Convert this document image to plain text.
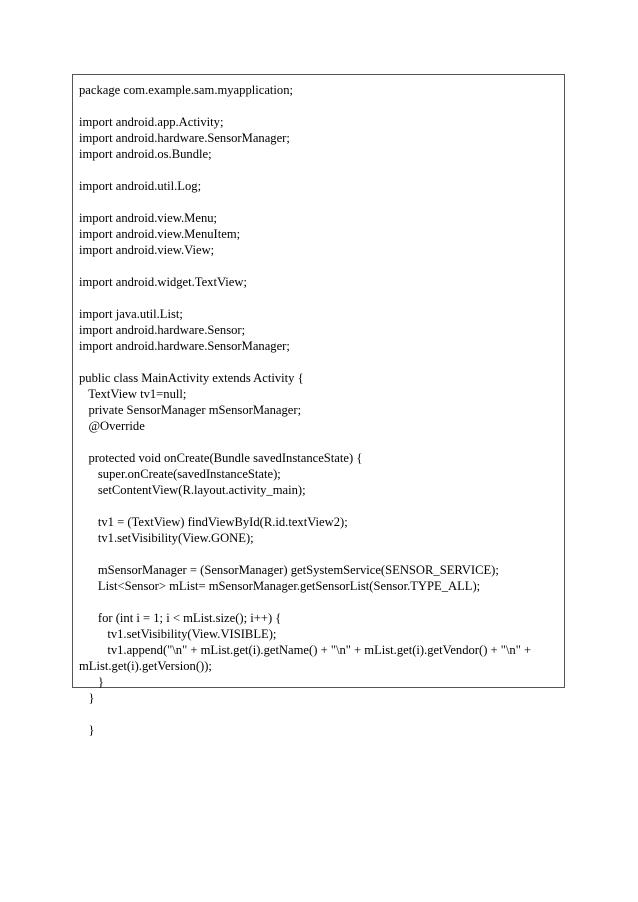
package com.example.sam.myapplication;
import android.app.Activity;
import android.hardware.SensorManager;
import android.os.Bundle;
import android.util.Log;
import android.view.Menu;
import android.view.MenuItem;
import android.view.View;
import android.widget.TextView;
import java.util.List;
import android.hardware.Sensor;
import android.hardware.SensorManager;
public class MainActivity extends Activity {
TextView tv1=null;
private SensorManager mSensorManager;
@Override
protected void onCreate(Bundle savedInstanceState) {
super.onCreate(savedInstanceState);
setContentView(R.layout.activity_main);
tv1 = (TextView) findViewById(R.id.textView2);
tv1.setVisibility(View.GONE);
mSensorManager = (SensorManager) getSystemService(SENSOR_SERVICE);
List<Sensor> mList= mSensorManager.getSensorList(Sensor.TYPE_ALL);
for (int i = 1; i < mList.size(); i++) {
tv1.setVisibility(View.VISIBLE);
tv1.append("\n" + mList.get(i).getName() + "\n" + mList.get(i).getVendor() + "\n" +
mList.get(i).getVersion());
}
}
}
